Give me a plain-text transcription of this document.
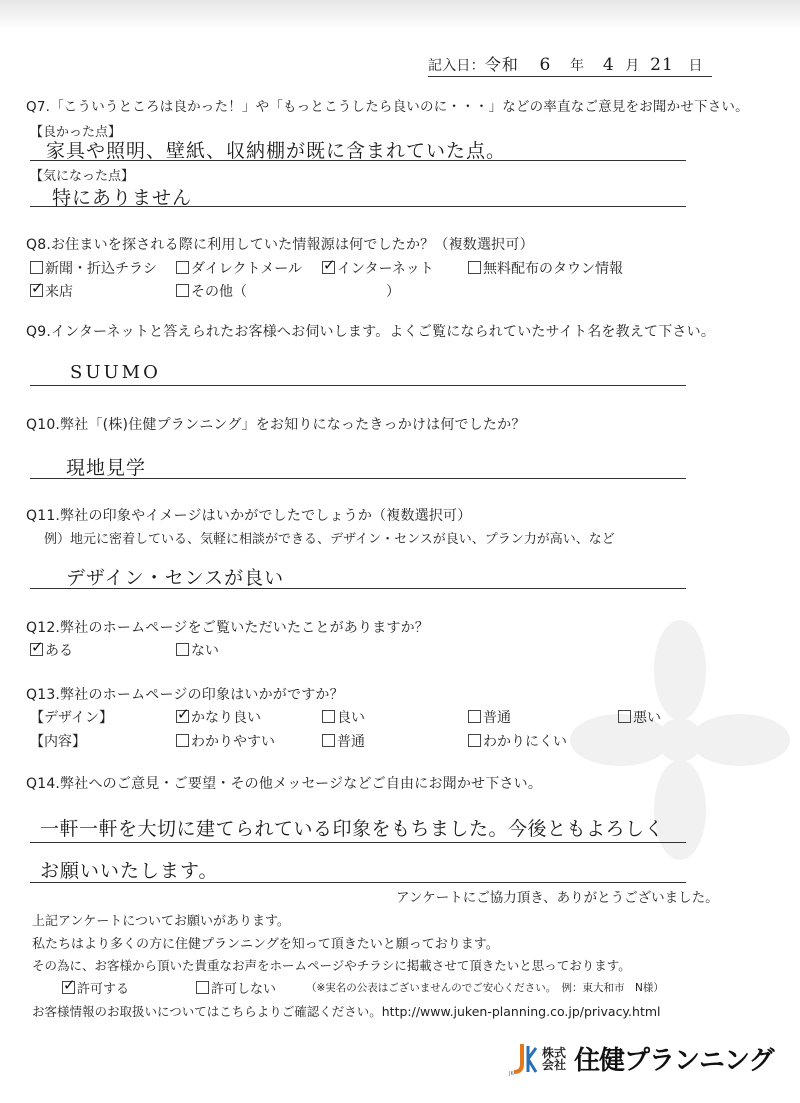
記入日：令和 6 年 4 月 21 日
Q7.「こういうところは良かった！」や「もっとこうしたら良いのに・・・」などの率直なご意見をお聞かせ下さい。
【良かった点】
家具や照明、壁紙、収納棚が既に含まれていた点。
【気になった点】
特にありません
Q8.お住まいを探される際に利用していた情報源は何でしたか？（複数選択可）
新聞・折込チラシ	ダイレクトメール ✓	インターネット	無料配布のタウン情報
✓来店	その他（	）
Q9.インターネットと答えられたお客様へお伺いします。よくご覧になられていたサイト名を教えて下さい。
SUUMO
Q10.弊社「(株)住健プランニング」をお知りになったきっかけは何でしたか？
現地見学
Q11.弊社の印象やイメージはいかがでしたでしょうか（複数選択可）
例）地元に密着している、気軽に相談ができる、デザイン・センスが良い、プラン力が高い、など
デザイン・センスが良い
Q12.弊社のホームページをご覧いただいたことがありますか？
✓ある	ない
Q13.弊社のホームページの印象はいかがですか？
【デザイン】 ✓	かなり良い	良い	普通	悪い
【内容】	わかりやすい	普通	わかりにくい
Q14.弊社へのご意見・ご要望・その他メッセージなどご自由にお聞かせ下さい。
一軒一軒を大切に建てられている印象をもちました。今後ともよろしく
お願いいたします。
アンケートにご協力頂き、ありがとうございました。
上記アンケートについてお願いがあります。
私たちはより多くの方に住健プランニングを知って頂きたいと願っております。
その為に、お客様から頂いた貴重なお声をホームページやチラシに掲載させて頂きたいと思っております。
✓許可する	許可しない	（※実名の公表はございませんのでご安心ください。　例：東大和市　N様）
お客様情報のお取扱いについてはこちらよりご確認ください。http://www.juken-planning.co.jp/privacy.html
JK
株式会社 住健プランニング
